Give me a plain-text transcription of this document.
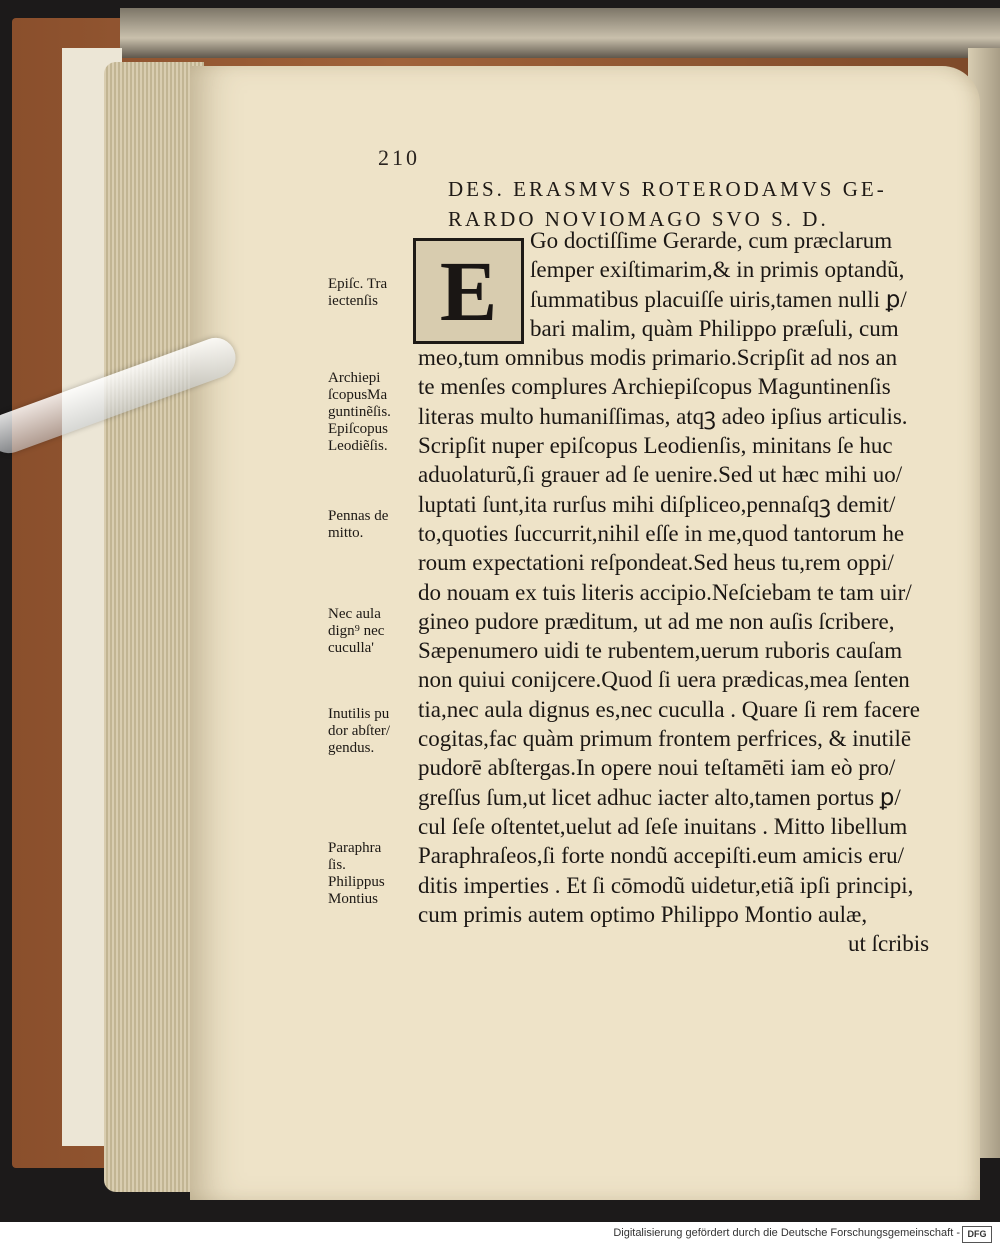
210
DES. ERASMVS ROTERODAMVS GE-
RARDO NOVIOMAGO SVO S. D.
E
Go doctiſſime Gerarde, cum præclarum
ſemper exiſtimarim,& in primis optandũ,
ſummatibus placuiſſe uiris,tamen nulli ꝑ/
bari malim, quàm Philippo præſuli, cum
meo,tum omnibus modis primario.Scripſit ad nos an
te menſes complures Archiepiſcopus Maguntinenſis
literas multo humaniſſimas, atqꝫ adeo ipſius articulis.
Scripſit nuper epiſcopus Leodienſis, minitans ſe huc
aduolaturũ,ſi grauer ad ſe uenire.Sed ut hæc mihi uo/
luptati ſunt,ita rurſus mihi diſpliceo,pennaſqꝫ demit/
to,quoties ſuccurrit,nihil eſſe in me,quod tantorum he
roum expectationi reſpondeat.Sed heus tu,rem oppi/
do nouam ex tuis literis accipio.Neſciebam te tam uir/
gineo pudore præditum, ut ad me non auſis ſcribere,
Sæpenumero uidi te rubentem,uerum ruboris cauſam
non quiui conijcere.Quod ſi uera prædicas,mea ſenten
tia,nec aula dignus es,nec cuculla . Quare ſi rem facere
cogitas,fac quàm primum frontem perfrices, & inutilē
pudorē abſtergas.In opere noui teſtamēti iam eò pro/
greſſus ſum,ut licet adhuc iacter alto,tamen portus ꝑ/
cul ſeſe oſtentet,uelut ad ſeſe inuitans . Mitto libellum
Paraphraſeos,ſi forte nondũ accepiſti.eum amicis eru/
ditis imperties . Et ſi cōmodũ uidetur,etiã ipſi principi,
cum primis autem optimo Philippo Montio aulæ,
ut ſcribis
Epiſc. Tra
iectenſis
Archiepi
ſcopusMa
guntinẽſis.
Epiſcopus
Leodiẽſis.
Pennas de
mitto.
Nec aula
dign⁹ nec
cuculla'
Inutilis pu
dor abſter/
gendus.
Paraphra
ſis.
Philippus
Montius
Digitalisierung gefördert durch die Deutsche Forschungsgemeinschaft - DFG
